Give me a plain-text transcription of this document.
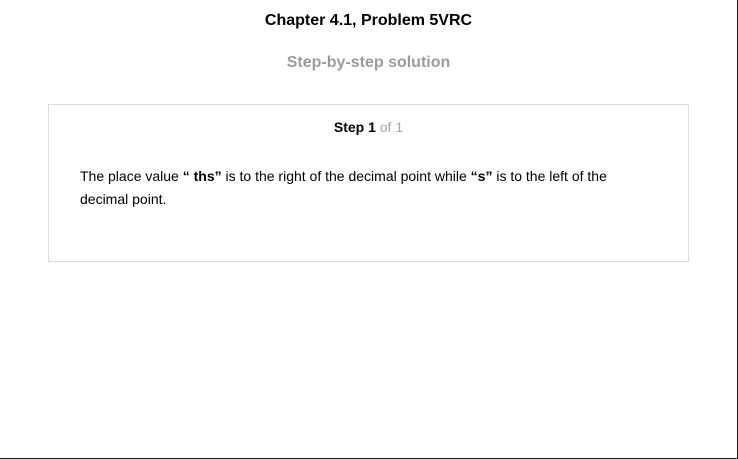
Chapter 4.1, Problem 5VRC
Step-by-step solution
Step 1 of 1
The place value “ ths” is to the right of the decimal point while “s” is to the left of the decimal point.
